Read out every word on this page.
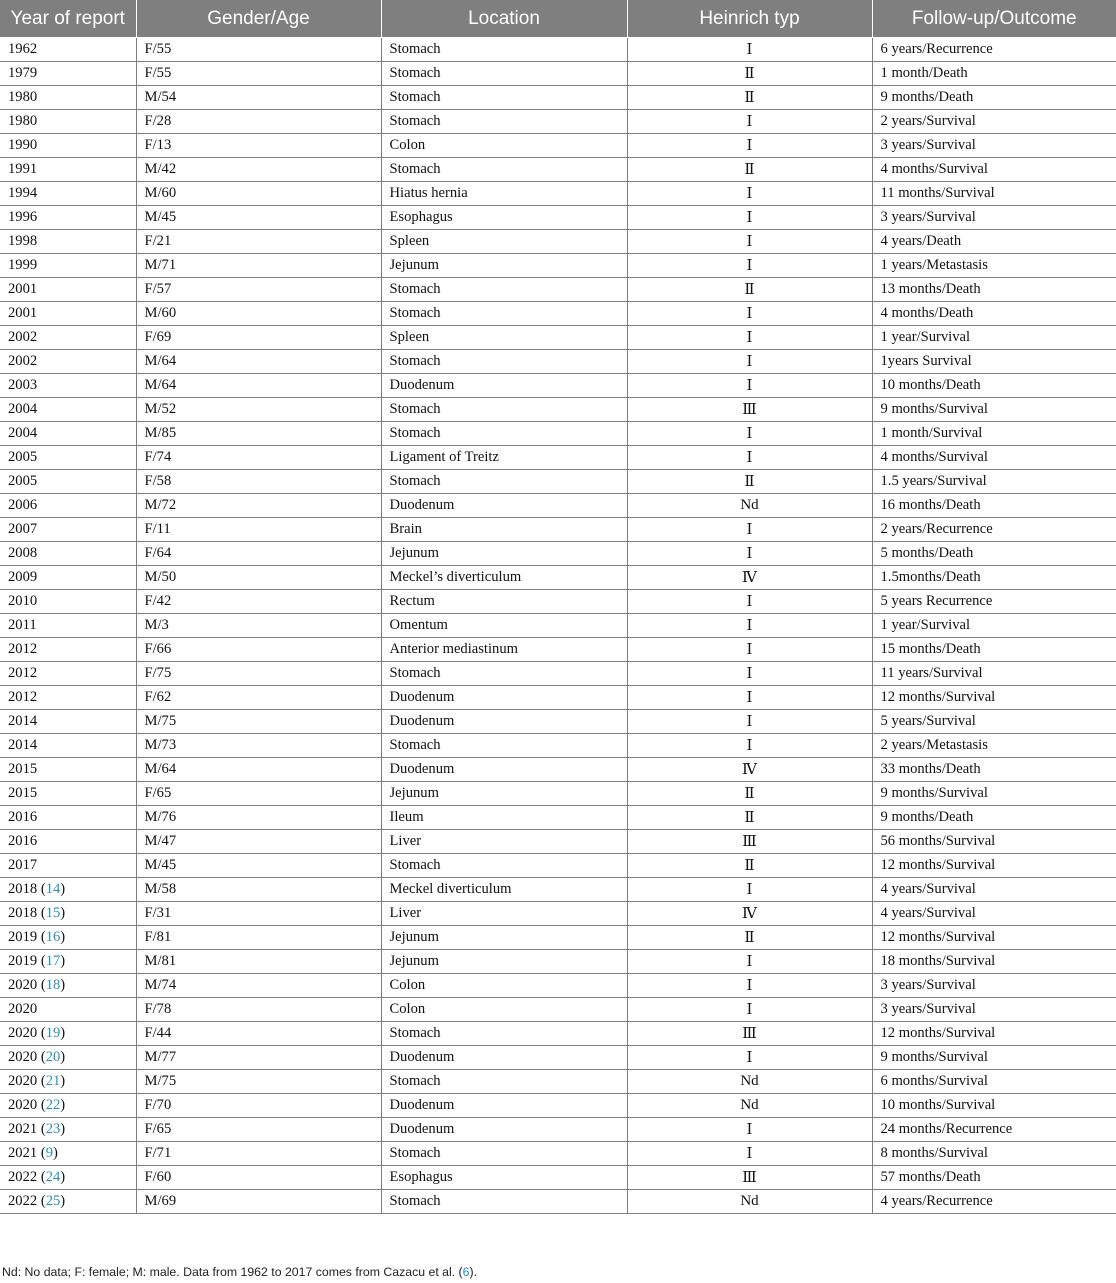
Year of report	Gender/Age	Location	Heinrich typ	Follow-up/Outcome
1962	F/55	Stomach	Ⅰ	6 years/Recurrence
1979	F/55	Stomach	Ⅱ	1 month/Death
1980	M/54	Stomach	Ⅱ	9 months/Death
1980	F/28	Stomach	Ⅰ	2 years/Survival
1990	F/13	Colon	Ⅰ	3 years/Survival
1991	M/42	Stomach	Ⅱ	4 months/Survival
1994	M/60	Hiatus hernia	Ⅰ	11 months/Survival
1996	M/45	Esophagus	Ⅰ	3 years/Survival
1998	F/21	Spleen	Ⅰ	4 years/Death
1999	M/71	Jejunum	Ⅰ	1 years/Metastasis
2001	F/57	Stomach	Ⅱ	13 months/Death
2001	M/60	Stomach	Ⅰ	4 months/Death
2002	F/69	Spleen	Ⅰ	1 year/Survival
2002	M/64	Stomach	Ⅰ	1years Survival
2003	M/64	Duodenum	Ⅰ	10 months/Death
2004	M/52	Stomach	Ⅲ	9 months/Survival
2004	M/85	Stomach	Ⅰ	1 month/Survival
2005	F/74	Ligament of Treitz	Ⅰ	4 months/Survival
2005	F/58	Stomach	Ⅱ	1.5 years/Survival
2006	M/72	Duodenum	Nd	16 months/Death
2007	F/11	Brain	Ⅰ	2 years/Recurrence
2008	F/64	Jejunum	Ⅰ	5 months/Death
2009	M/50	Meckel’s diverticulum	Ⅳ	1.5months/Death
2010	F/42	Rectum	Ⅰ	5 years Recurrence
2011	M/3	Omentum	Ⅰ	1 year/Survival
2012	F/66	Anterior mediastinum	Ⅰ	15 months/Death
2012	F/75	Stomach	Ⅰ	11 years/Survival
2012	F/62	Duodenum	Ⅰ	12 months/Survival
2014	M/75	Duodenum	Ⅰ	5 years/Survival
2014	M/73	Stomach	Ⅰ	2 years/Metastasis
2015	M/64	Duodenum	Ⅳ	33 months/Death
2015	F/65	Jejunum	Ⅱ	9 months/Survival
2016	M/76	Ileum	Ⅱ	9 months/Death
2016	M/47	Liver	Ⅲ	56 months/Survival
2017	M/45	Stomach	Ⅱ	12 months/Survival
2018 (14)	M/58	Meckel diverticulum	Ⅰ	4 years/Survival
2018 (15)	F/31	Liver	Ⅳ	4 years/Survival
2019 (16)	F/81	Jejunum	Ⅱ	12 months/Survival
2019 (17)	M/81	Jejunum	Ⅰ	18 months/Survival
2020 (18)	M/74	Colon	Ⅰ	3 years/Survival
2020	F/78	Colon	Ⅰ	3 years/Survival
2020 (19)	F/44	Stomach	Ⅲ	12 months/Survival
2020 (20)	M/77	Duodenum	Ⅰ	9 months/Survival
2020 (21)	M/75	Stomach	Nd	6 months/Survival
2020 (22)	F/70	Duodenum	Nd	10 months/Survival
2021 (23)	F/65	Duodenum	Ⅰ	24 months/Recurrence
2021 (9)	F/71	Stomach	Ⅰ	8 months/Survival
2022 (24)	F/60	Esophagus	Ⅲ	57 months/Death
2022 (25)	M/69	Stomach	Nd	4 years/Recurrence
Nd: No data; F: female; M: male. Data from 1962 to 2017 comes from Cazacu et al. (6).
